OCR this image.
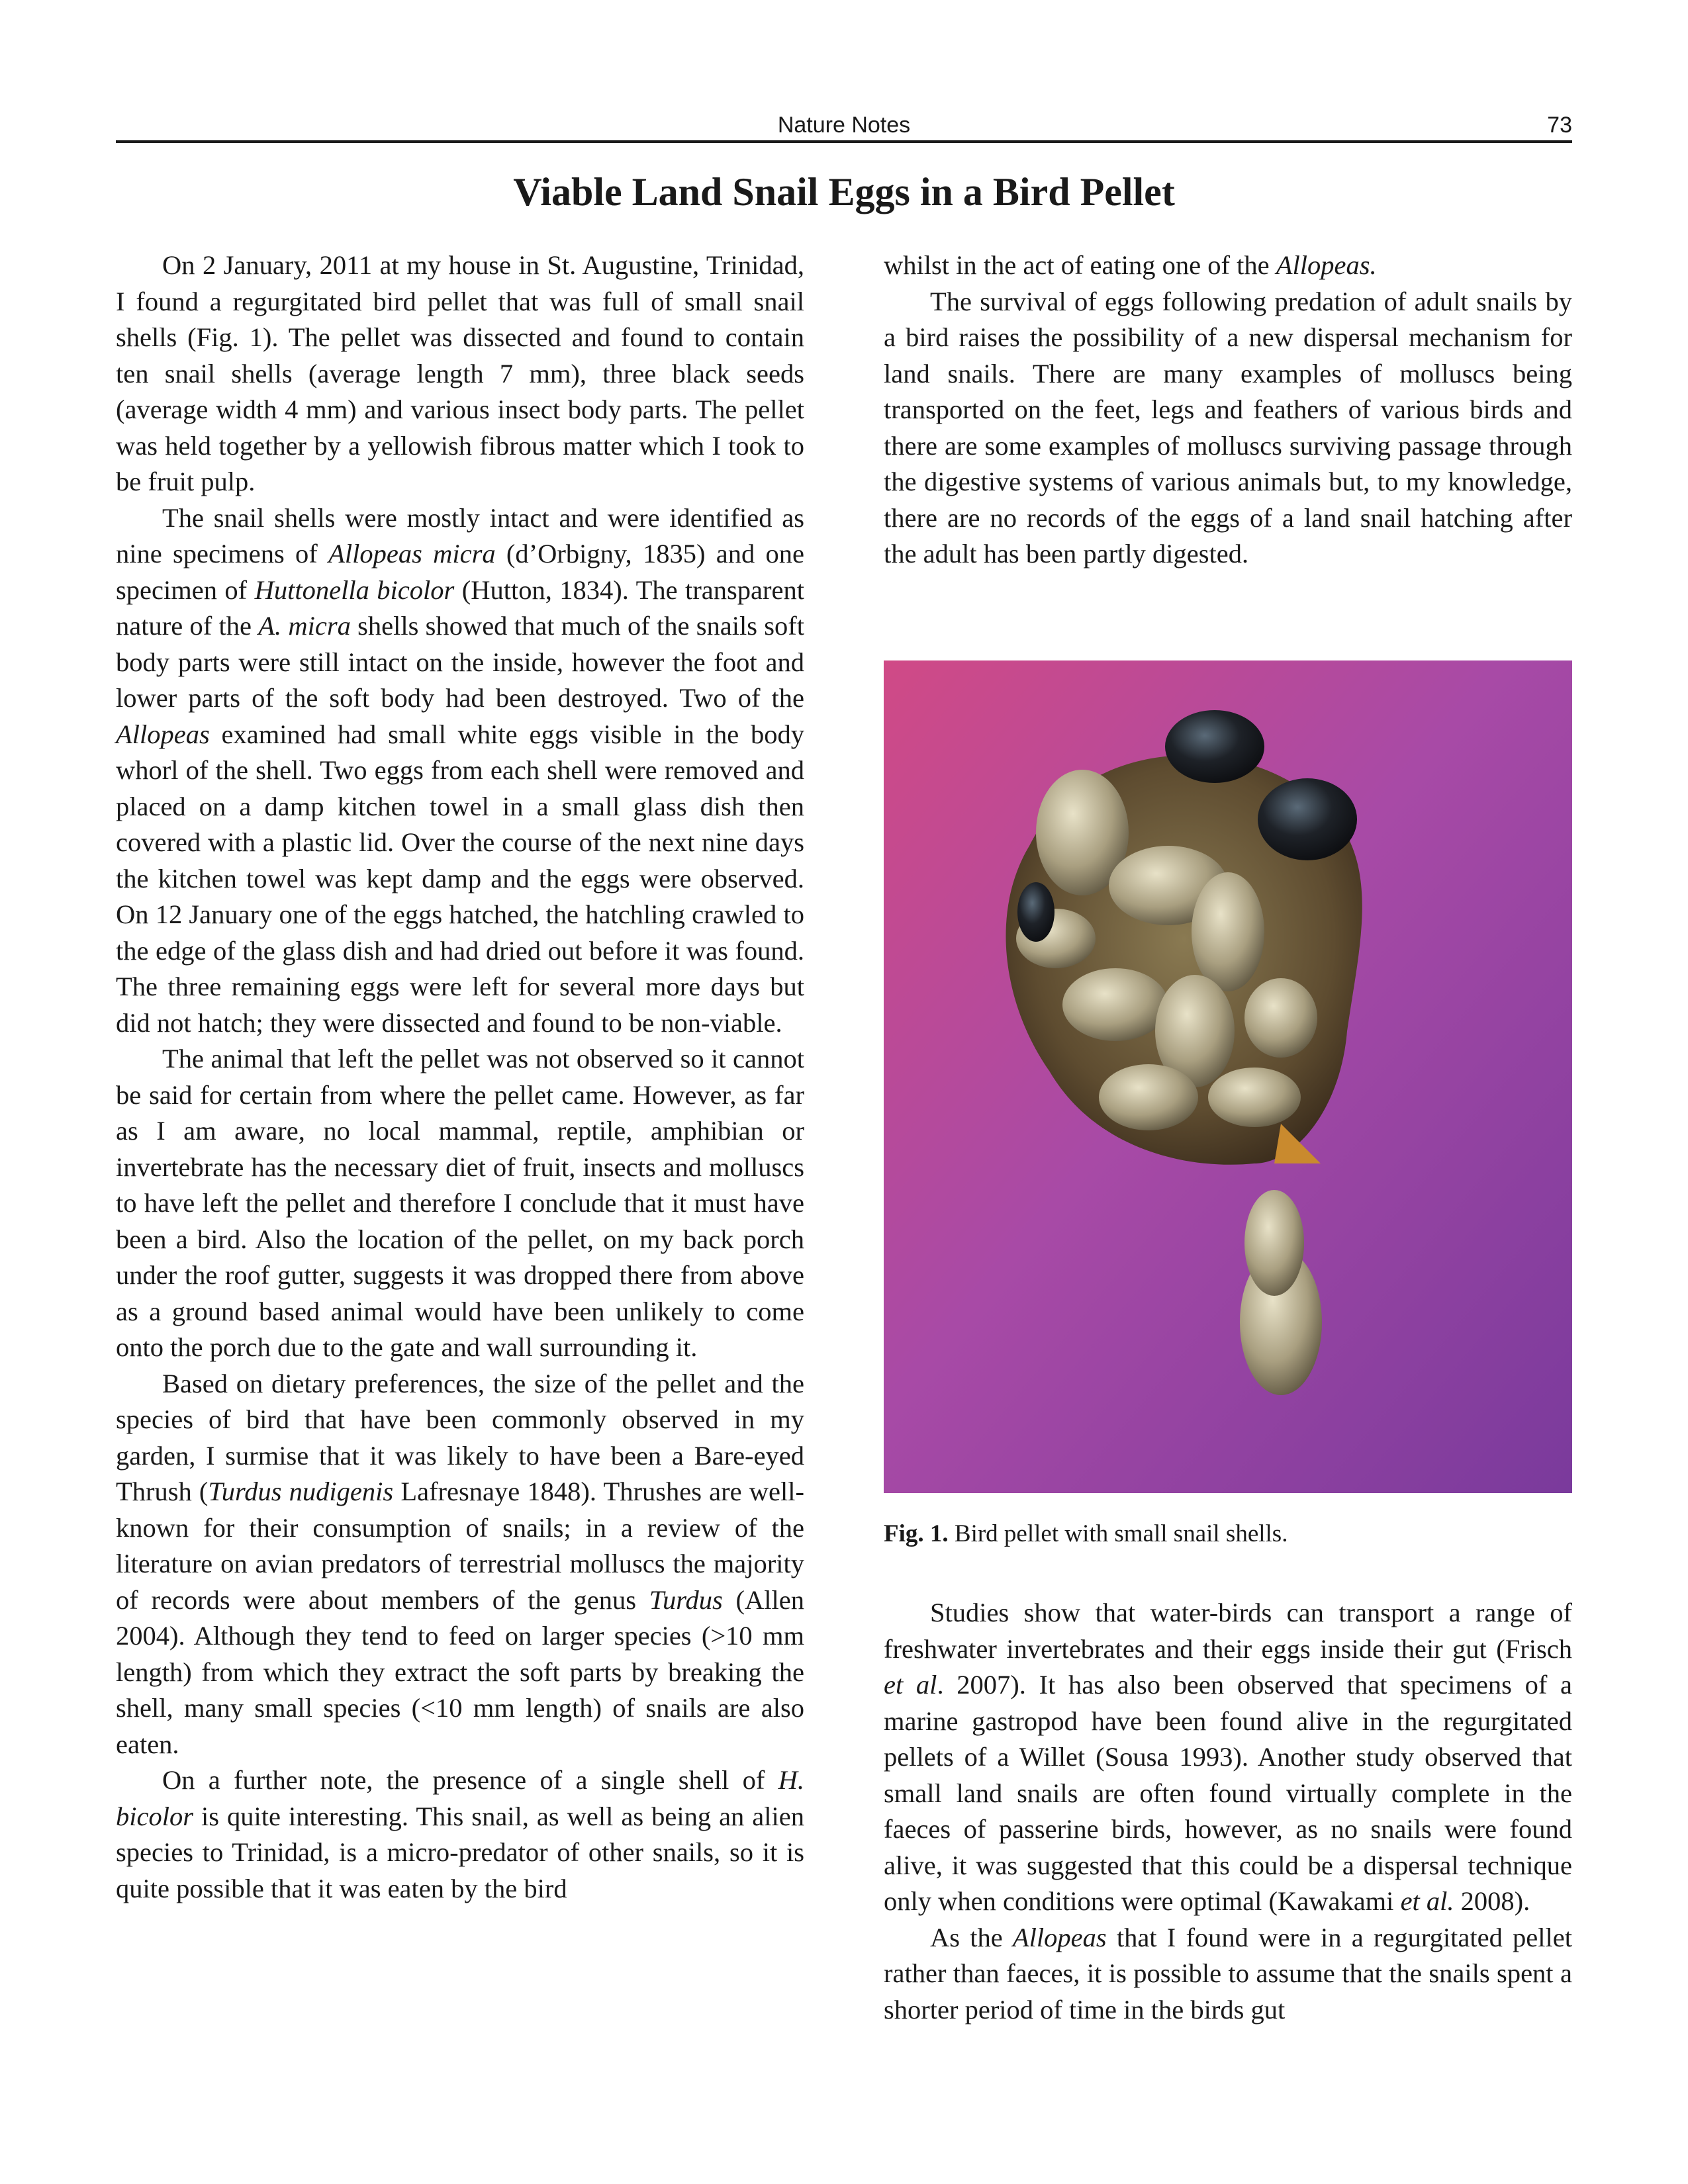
Nature Notes	73
Viable Land Snail Eggs in a Bird Pellet

On 2 January, 2011 at my house in St. Augustine, Trinidad, I found a regurgitated bird pellet that was full of small snail shells (Fig. 1). The pellet was dissected and found to contain ten snail shells (average length 7 mm), three black seeds (average width 4 mm) and various insect body parts. The pellet was held together by a yellowish fibrous matter which I took to be fruit pulp.

The snail shells were mostly intact and were identified as nine specimens of Allopeas micra (d’Orbigny, 1835) and one specimen of Huttonella bicolor (Hutton, 1834). The transparent nature of the A. micra shells showed that much of the snails soft body parts were still intact on the inside, however the foot and lower parts of the soft body had been destroyed. Two of the Allopeas examined had small white eggs visible in the body whorl of the shell. Two eggs from each shell were removed and placed on a damp kitchen towel in a small glass dish then covered with a plastic lid. Over the course of the next nine days the kitchen towel was kept damp and the eggs were observed. On 12 January one of the eggs hatched, the hatchling crawled to the edge of the glass dish and had dried out before it was found. The three remaining eggs were left for several more days but did not hatch; they were dissected and found to be non-viable.

The animal that left the pellet was not observed so it cannot be said for certain from where the pellet came. However, as far as I am aware, no local mammal, reptile, amphibian or invertebrate has the necessary diet of fruit, insects and molluscs to have left the pellet and therefore I conclude that it must have been a bird. Also the location of the pellet, on my back porch under the roof gutter, suggests it was dropped there from above as a ground based animal would have been unlikely to come onto the porch due to the gate and wall surrounding it.

Based on dietary preferences, the size of the pellet and the species of bird that have been commonly observed in my garden, I surmise that it was likely to have been a Bare-eyed Thrush (Turdus nudigenis Lafresnaye 1848). Thrushes are well-known for their consumption of snails; in a review of the literature on avian predators of terrestrial molluscs the majority of records were about members of the genus Turdus (Allen 2004). Although they tend to feed on larger species (>10 mm length) from which they extract the soft parts by breaking the shell, many small species (<10 mm length) of snails are also eaten.

On a further note, the presence of a single shell of H. bicolor is quite interesting. This snail, as well as being an alien species to Trinidad, is a micro-predator of other snails, so it is quite possible that it was eaten by the bird

whilst in the act of eating one of the Allopeas.

The survival of eggs following predation of adult snails by a bird raises the possibility of a new dispersal mechanism for land snails. There are many examples of molluscs being transported on the feet, legs and feathers of various birds and there are some examples of molluscs surviving passage through the digestive systems of various animals but, to my knowledge, there are no records of the eggs of a land snail hatching after the adult has been partly digested.

Fig. 1. Bird pellet with small snail shells.

Studies show that water-birds can transport a range of freshwater invertebrates and their eggs inside their gut (Frisch et al. 2007). It has also been observed that specimens of a marine gastropod have been found alive in the regurgitated pellets of a Willet (Sousa 1993). Another study observed that small land snails are often found virtually complete in the faeces of passerine birds, however, as no snails were found alive, it was suggested that this could be a dispersal technique only when conditions were optimal (Kawakami et al. 2008).

As the Allopeas that I found were in a regurgitated pellet rather than faeces, it is possible to assume that the snails spent a shorter period of time in the birds gut
